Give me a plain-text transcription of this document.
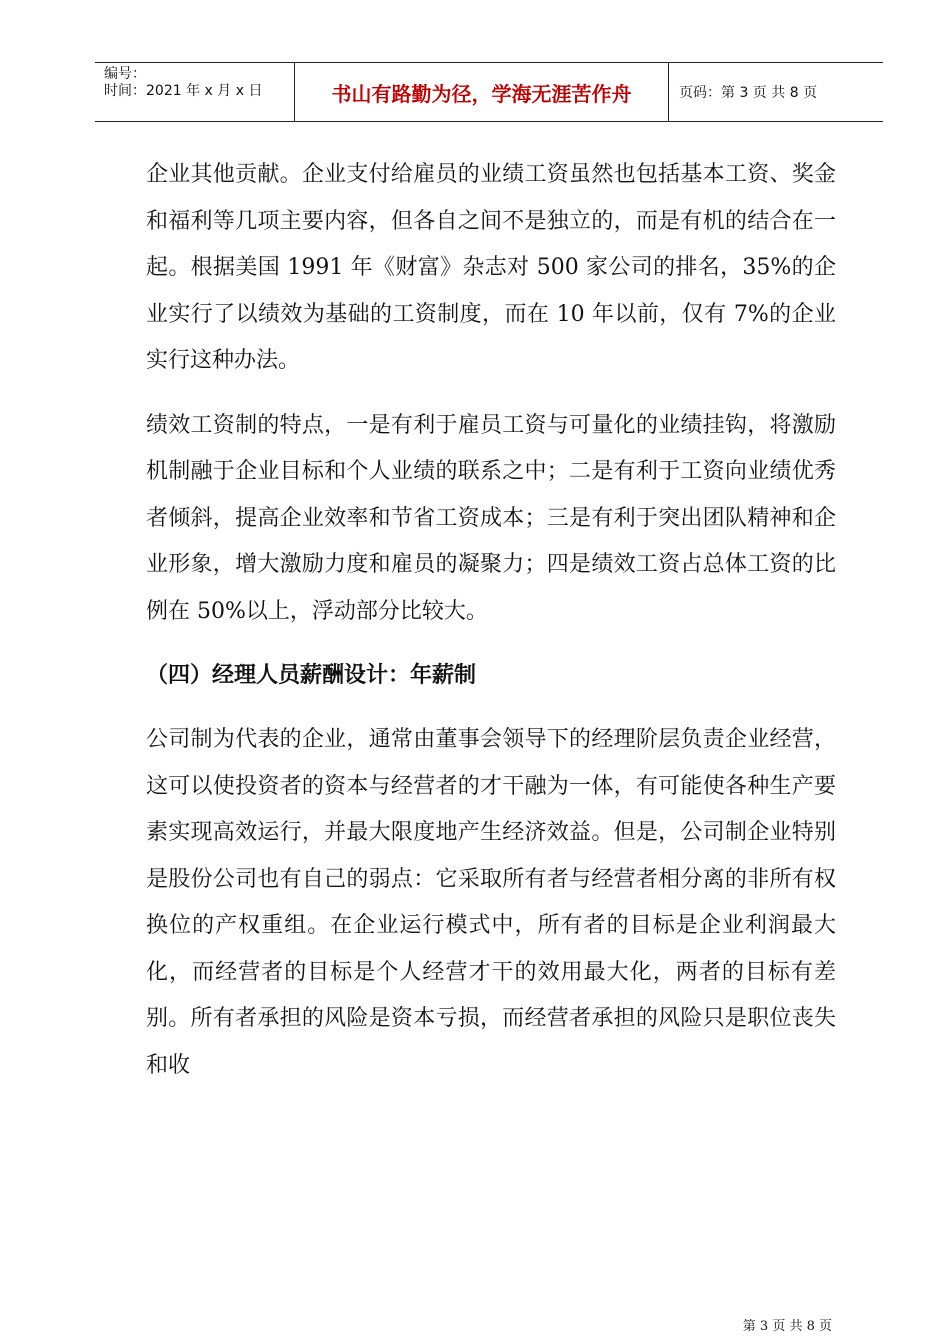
编号：
时间：2021 年 x 月 x 日	书山有路勤为径，学海无涯苦作舟	页码：第 3 页 共 8 页

企业其他贡献。企业支付给雇员的业绩工资虽然也包括基本工资、奖金和福利等几项主要内容，但各自之间不是独立的，而是有机的结合在一起。根据美国 1991 年《财富》杂志对 500 家公司的排名，35%的企业实行了以绩效为基础的工资制度，而在 10 年以前，仅有 7%的企业实行这种办法。

绩效工资制的特点，一是有利于雇员工资与可量化的业绩挂钩，将激励机制融于企业目标和个人业绩的联系之中；二是有利于工资向业绩优秀者倾斜，提高企业效率和节省工资成本；三是有利于突出团队精神和企业形象，增大激励力度和雇员的凝聚力；四是绩效工资占总体工资的比例在 50%以上，浮动部分比较大。

（四）经理人员薪酬设计：年薪制

公司制为代表的企业，通常由董事会领导下的经理阶层负责企业经营，这可以使投资者的资本与经营者的才干融为一体，有可能使各种生产要素实现高效运行，并最大限度地产生经济效益。但是，公司制企业特别是股份公司也有自己的弱点：它采取所有者与经营者相分离的非所有权换位的产权重组。在企业运行模式中，所有者的目标是企业利润最大化，而经营者的目标是个人经营才干的效用最大化，两者的目标有差别。所有者承担的风险是资本亏损，而经营者承担的风险只是职位丧失和收

第 3 页 共 8 页
